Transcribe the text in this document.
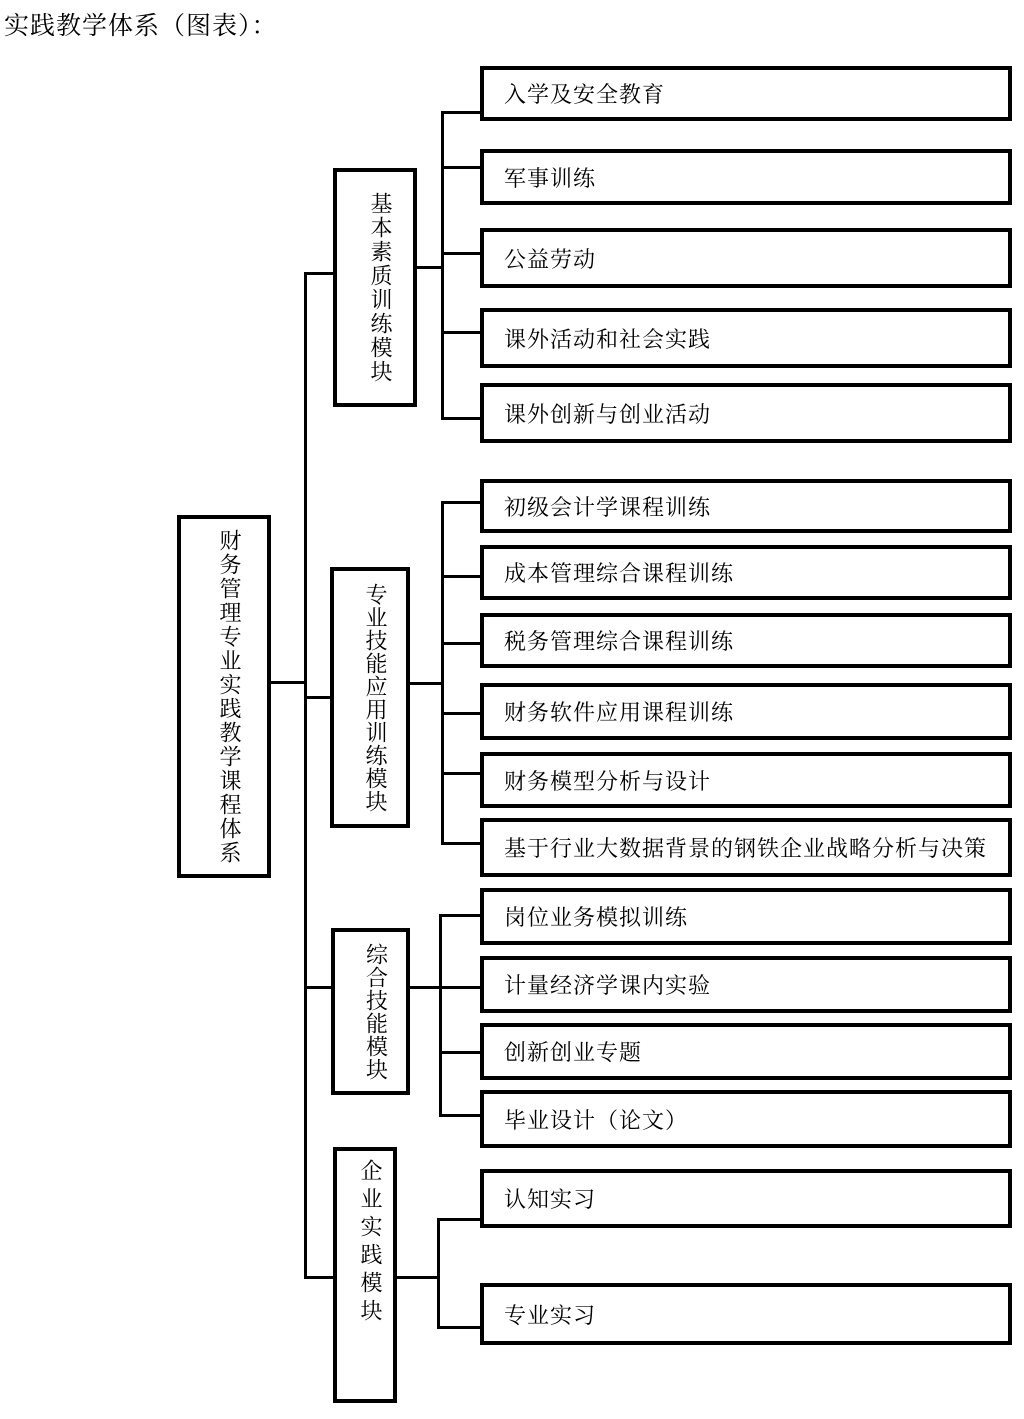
实践教学体系（图表）：
财务管理专业实践教学课程体系
基本素质训练模块
入学及安全教育
军事训练
公益劳动
课外活动和社会实践
课外创新与创业活动
专业技能应用训练模块
初级会计学课程训练
成本管理综合课程训练
税务管理综合课程训练
财务软件应用课程训练
财务模型分析与设计
基于行业大数据背景的钢铁企业战略分析与决策
综合技能模块
岗位业务模拟训练
计量经济学课内实验
创新创业专题
毕业设计（论文）
企业实践模块	认知实习
专业实习
